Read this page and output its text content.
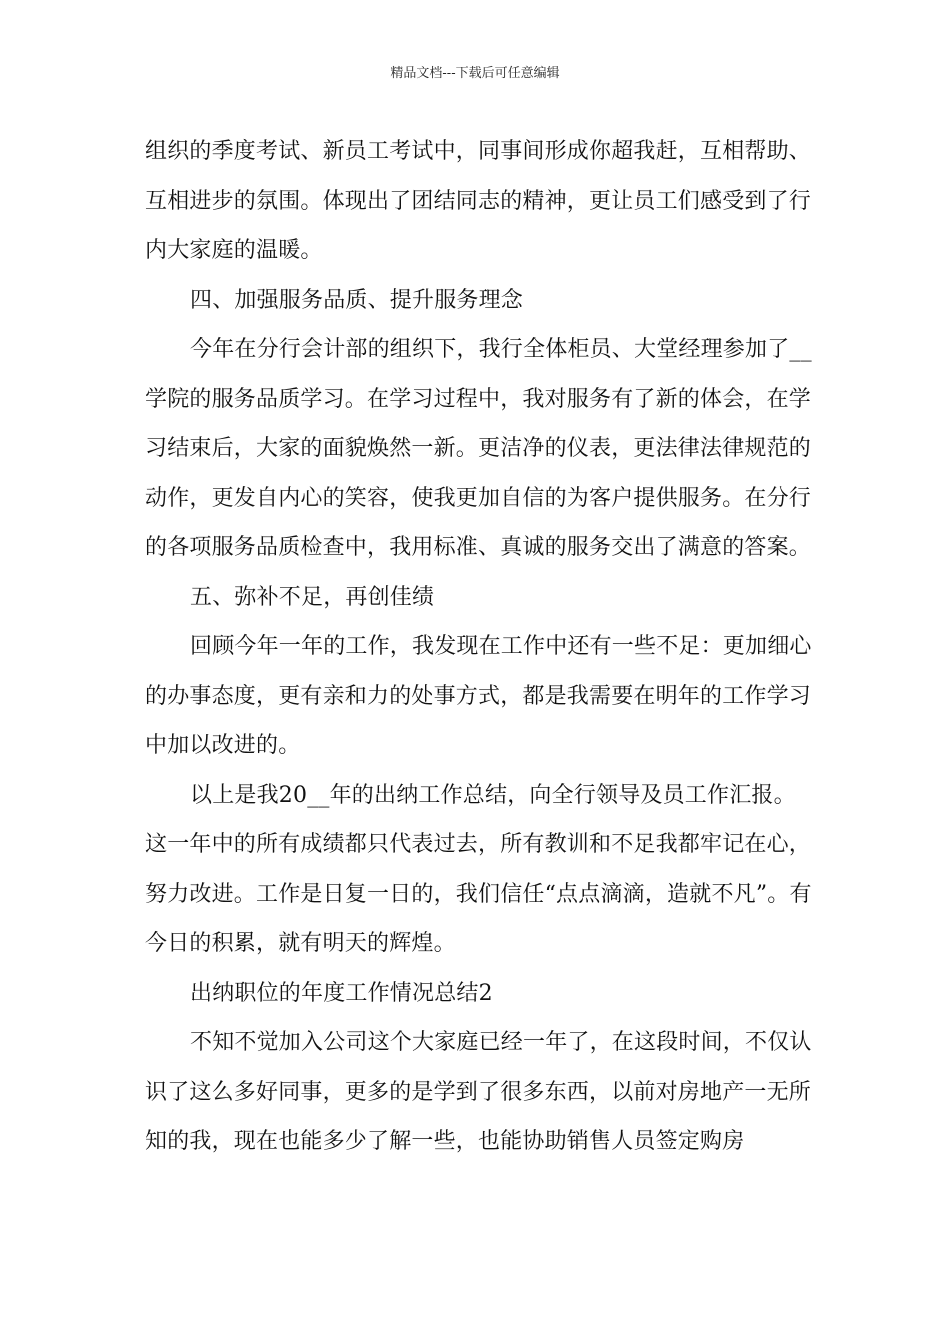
精品文档---下载后可任意编辑

组织的季度考试、新员工考试中，同事间形成你超我赶，互相帮助、互相进步的氛围。体现出了团结同志的精神，更让员工们感受到了行内大家庭的温暖。

四、加强服务品质、提升服务理念

今年在分行会计部的组织下，我行全体柜员、大堂经理参加了__学院的服务品质学习。在学习过程中，我对服务有了新的体会，在学习结束后，大家的面貌焕然一新。更洁净的仪表，更法律法律规范的动作，更发自内心的笑容，使我更加自信的为客户提供服务。在分行的各项服务品质检查中，我用标准、真诚的服务交出了满意的答案。

五、弥补不足，再创佳绩

回顾今年一年的工作，我发现在工作中还有一些不足：更加细心的办事态度，更有亲和力的处事方式，都是我需要在明年的工作学习中加以改进的。

以上是我20__年的出纳工作总结，向全行领导及员工作汇报。这一年中的所有成绩都只代表过去，所有教训和不足我都牢记在心，努力改进。工作是日复一日的，我们信任“点点滴滴，造就不凡”。有今日的积累，就有明天的辉煌。

出纳职位的年度工作情况总结2

不知不觉加入公司这个大家庭已经一年了，在这段时间，不仅认识了这么多好同事，更多的是学到了很多东西，以前对房地产一无所知的我，现在也能多少了解一些，也能协助销售人员签定购房
